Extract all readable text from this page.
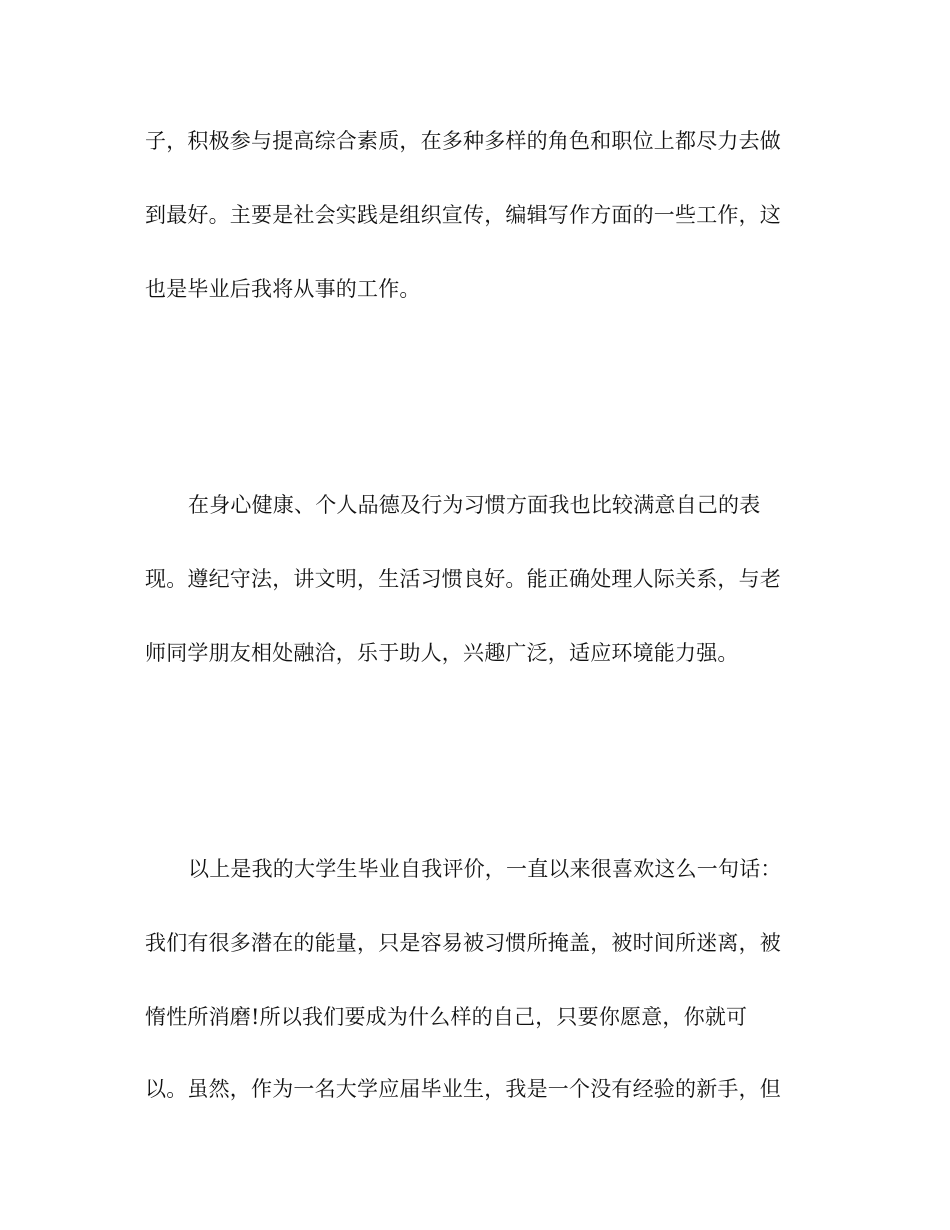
子，积极参与提高综合素质，在多种多样的角色和职位上都尽力去做
到最好。主要是社会实践是组织宣传，编辑写作方面的一些工作，这
也是毕业后我将从事的工作。
在身心健康、个人品德及行为习惯方面我也比较满意自己的表
现。遵纪守法，讲文明，生活习惯良好。能正确处理人际关系，与老
师同学朋友相处融洽，乐于助人，兴趣广泛，适应环境能力强。
以上是我的大学生毕业自我评价，一直以来很喜欢这么一句话：
我们有很多潜在的能量，只是容易被习惯所掩盖，被时间所迷离，被
惰性所消磨!所以我们要成为什么样的自己，只要你愿意，你就可
以。虽然，作为一名大学应届毕业生，我是一个没有经验的新手，但
